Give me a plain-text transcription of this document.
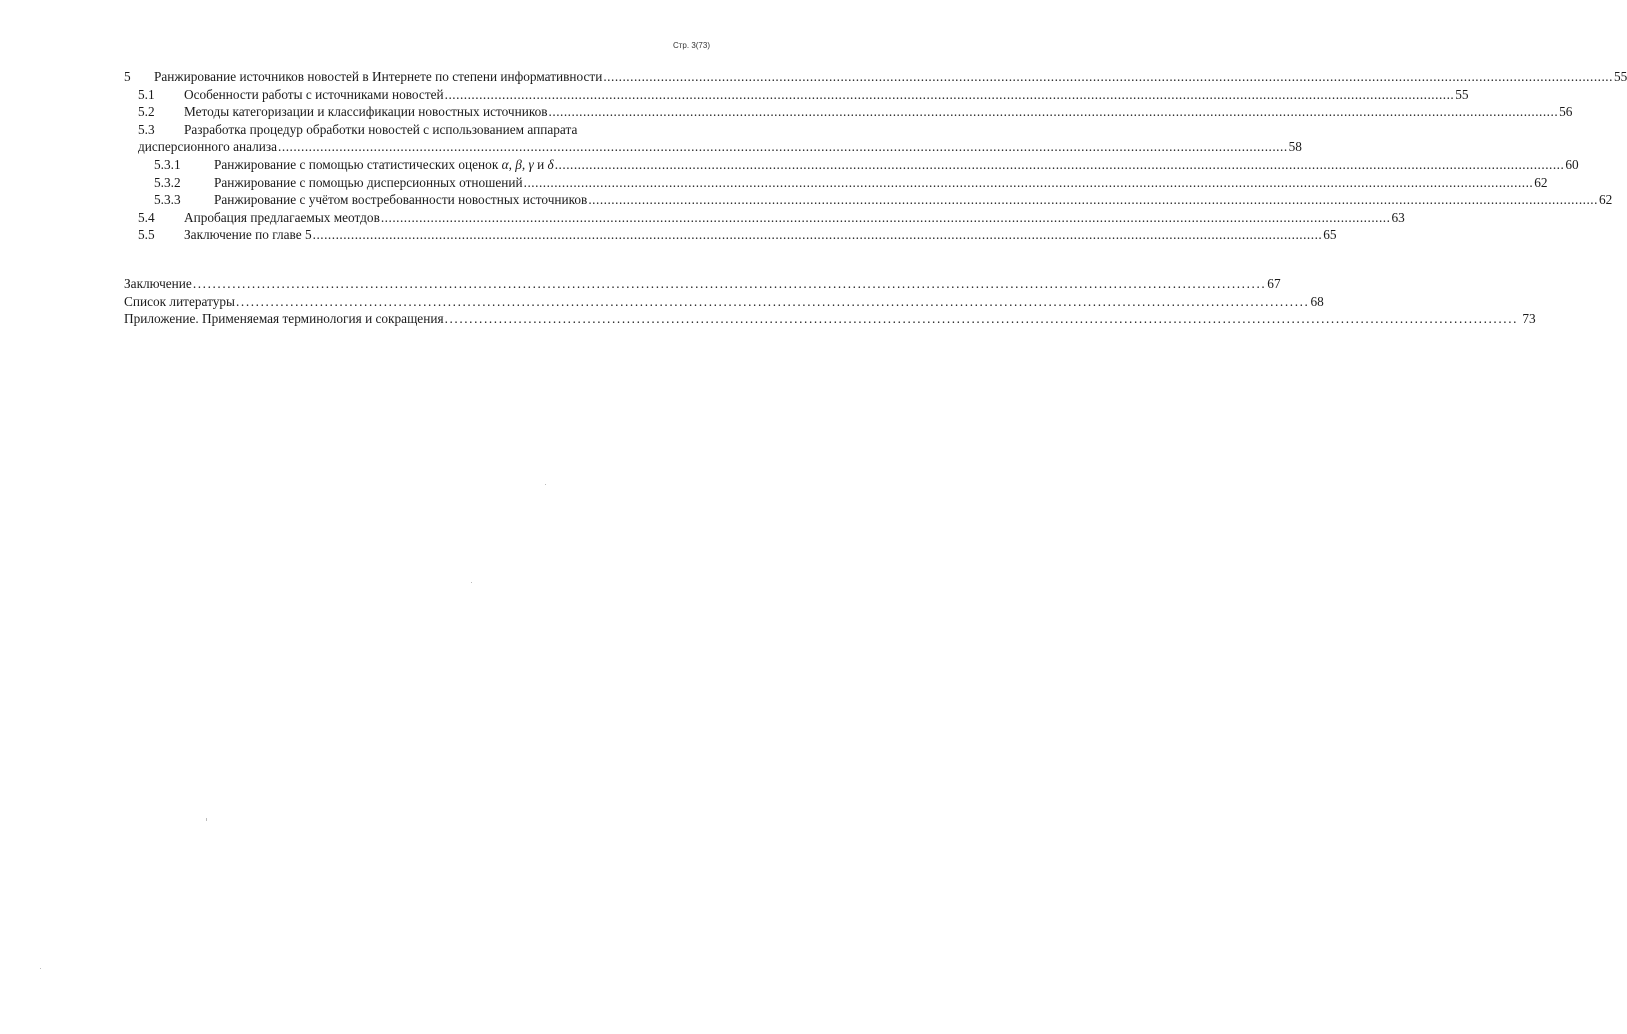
Стр. 3(73)
5	Ранжирование источников новостей в Интернете по степени информативности .....	55
5.1	Особенности работы с источниками новостей .....	55
5.2	Методы категоризации и классификации новостных источников .....	56
5.3	Разработка процедур обработки новостей с использованием аппарата
дисперсионного анализа .....	58
5.3.1	Ранжирование с помощью статистических оценок α, β, γ и δ .....	60
5.3.2	Ранжирование с помощью дисперсионных отношений .....	62
5.3.3	Ранжирование с учётом востребованности новостных источников .....	62
5.4	Апробация предлагаемых меотдов .....	63
5.5	Заключение по главе 5 .....	65
Заключение .....	67
Список литературы .....	68
Приложение. Применяемая терминология и сокращения .....	73
